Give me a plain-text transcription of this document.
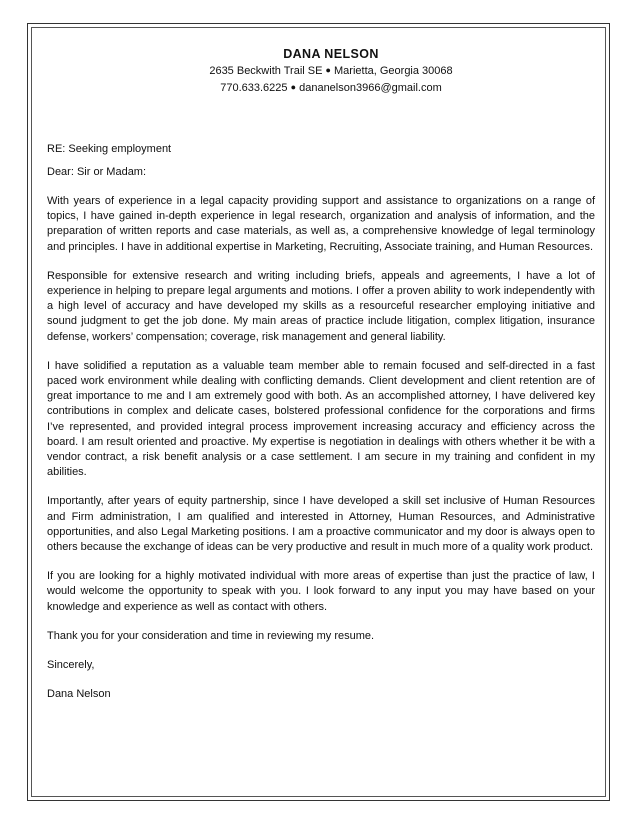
DANA NELSON
2635 Beckwith Trail SE ● Marietta, Georgia 30068
770.633.6225 ● dananelson3966@gmail.com
RE: Seeking employment
Dear: Sir or Madam:
With years of experience in a legal capacity providing support and assistance to organizations on a range of topics, I have gained in-depth experience in legal research, organization and analysis of information, and the preparation of written reports and case materials, as well as, a comprehensive knowledge of legal terminology and principles. I have in additional expertise in Marketing, Recruiting, Associate training, and Human Resources.
Responsible for extensive research and writing including briefs, appeals and agreements, I have a lot of experience in helping to prepare legal arguments and motions. I offer a proven ability to work independently with a high level of accuracy and have developed my skills as a resourceful researcher employing initiative and sound judgment to get the job done. My main areas of practice include litigation, complex litigation, insurance defense, workers’ compensation; coverage, risk management and general liability.
I have solidified a reputation as a valuable team member able to remain focused and self-directed in a fast paced work environment while dealing with conflicting demands. Client development and client retention are of great importance to me and I am extremely good with both. As an accomplished attorney, I have delivered key contributions in complex and delicate cases, bolstered professional confidence for the corporations and firms I’ve represented, and provided integral process improvement increasing accuracy and efficiency across the board. I am result oriented and proactive. My expertise is negotiation in dealings with others whether it be with a vendor contract, a risk benefit analysis or a case settlement. I am secure in my training and confident in my abilities.
Importantly, after years of equity partnership, since I have developed a skill set inclusive of Human Resources and Firm administration, I am qualified and interested in Attorney, Human Resources, and Administrative opportunities, and also Legal Marketing positions. I am a proactive communicator and my door is always open to others because the exchange of ideas can be very productive and result in much more of a quality work product.
If you are looking for a highly motivated individual with more areas of expertise than just the practice of law, I would welcome the opportunity to speak with you. I look forward to any input you may have based on your knowledge and experience as well as contact with others.
Thank you for your consideration and time in reviewing my resume.
Sincerely,
Dana Nelson
